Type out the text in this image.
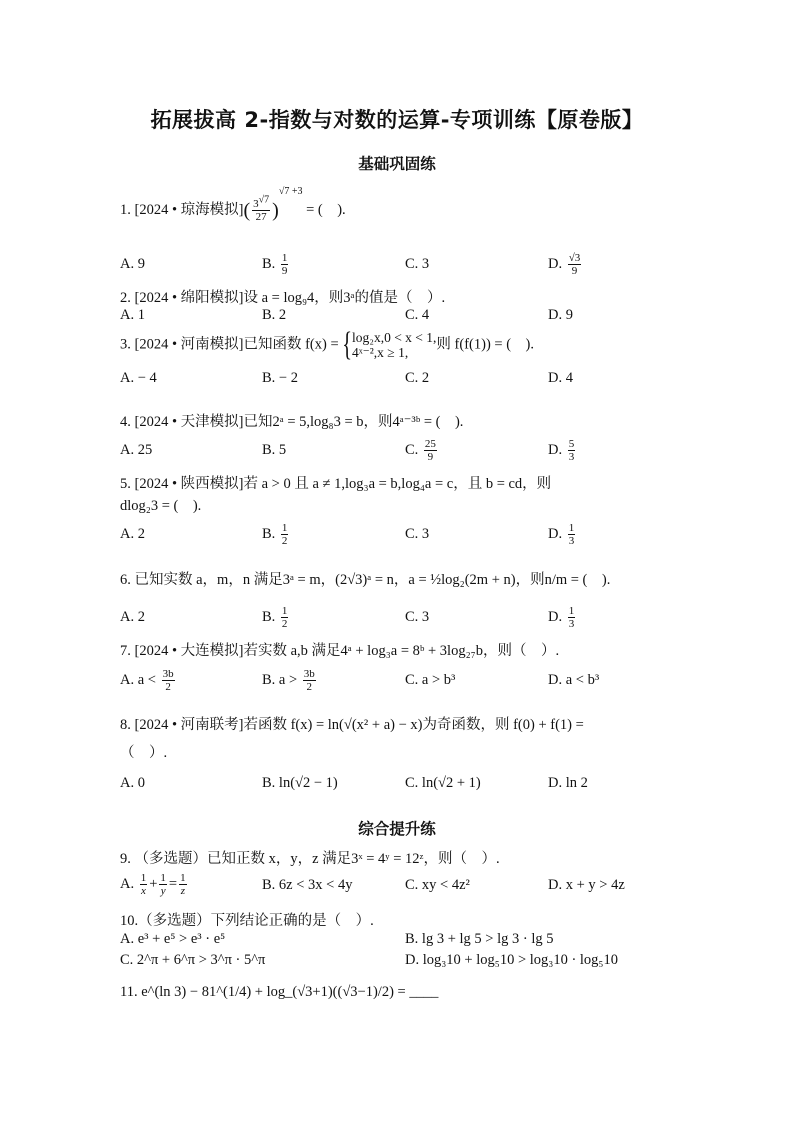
拓展拔高 2-指数与对数的运算-专项训练【原卷版】
基础巩固练
1. [2024 • 琼海模拟]( $\frac{3^{√7}}{27} )^{√7 +3}$ = (　).
A. 9	B. $\frac{1}{9}$	C. 3	D. $\frac{√3}{9}$
2. [2024 • 绵阳模拟]设 a = log₉4，则3ᵃ的值是（　）.
A. 1	B. 2	C. 4	D. 9
3. [2024 • 河南模拟]已知函数 f(x) ={log₂x,0 < x < 1,
4ˣ⁻²,x ≥ 1,则 f(f(1)) = (　).
A. − 4	B. − 2	C. 2	D. 4
4. [2024 • 天津模拟]已知2ᵃ = 5,log₈3 = b，则4ᵃ⁻³ᵇ = (　).
A. 25	B. 5	C. $\frac{25}{9}$	D. $\frac{5}{3}$
5. [2024 • 陕西模拟]若 a > 0 且 a ≠ 1,log₃a = b,log₄a = c，且 b = cd，则
dlog₂3 = (　).
A. 2	B. $\frac{1}{2}$	C. 3	D. $\frac{1}{3}$
6. 已知实数 a，m，n 满足3ᵃ = m，(2√3)ᵃ = n，a = ½log₂(2m + n)，则n/m = (　).
A. 2	B. $\frac{1}{2}$	C. 3	D. $\frac{1}{3}$
7. [2024 • 大连模拟]若实数 a,b 满足4ᵃ + log₃a = 8ᵇ + 3log₂₇b，则（　）.
A. $a < \frac{3b}{2}$	B. $a > \frac{3b}{2}$	C. a > b³	D. a < b³
8. [2024 • 河南联考]若函数 f(x) = ln(√(x² + a) − x)为奇函数，则 f(0) + f(1) =
（　）.
A. 0	B. ln(√2 − 1)	C. ln(√2 + 1)	D. ln 2
综合提升练
9. （多选题）已知正数 x，y，z 满足3ˣ = 4ʸ = 12ᶻ，则（　）.
A. $\frac{1}{x} + \frac{1}{y} = \frac{1}{z}$	B. 6z < 3x < 4y	C. xy < 4z²	D. x + y > 4z
10.（多选题）下列结论正确的是（　）.
A. e³ + e⁵ > e³ · e⁵	B. lg 3 + lg 5 > lg 3 · lg 5
C. 2^π + 6^π > 3^π · 5^π	D. log₃10 + log₅10 > log₃10 · log₅10
11. e^(ln 3) − 81^(1/4) + log_(√3+1)((√3−1)/2) = ____
